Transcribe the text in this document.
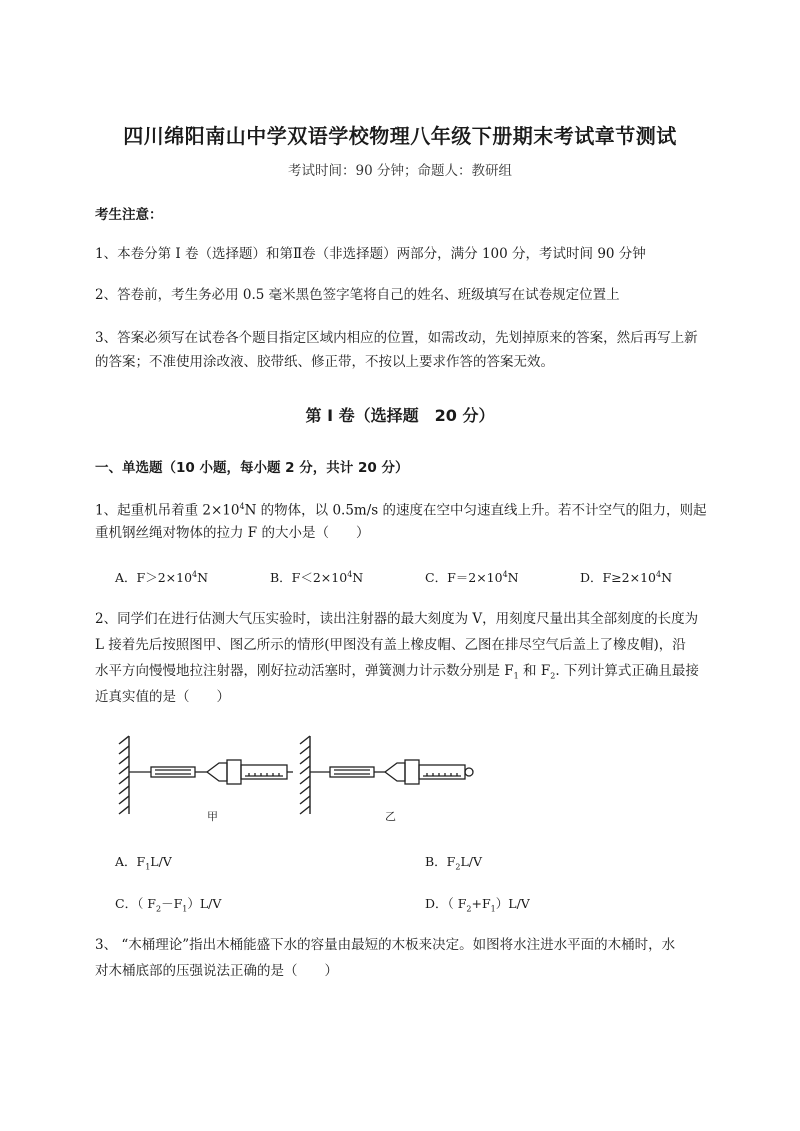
四川绵阳南山中学双语学校物理八年级下册期末考试章节测试
考试时间：90 分钟；命题人：教研组
考生注意：
1、本卷分第 I 卷（选择题）和第Ⅱ卷（非选择题）两部分，满分 100 分，考试时间 90 分钟
2、答卷前，考生务必用 0.5 毫米黑色签字笔将自己的姓名、班级填写在试卷规定位置上
3、答案必须写在试卷各个题目指定区域内相应的位置，如需改动，先划掉原来的答案，然后再写上新
的答案；不准使用涂改液、胶带纸、修正带，不按以上要求作答的答案无效。
第 I 卷（选择题　20 分）
一、单选题（10 小题，每小题 2 分，共计 20 分）
1、起重机吊着重 $2\times 10^4N$ 的物体，以 0.5m/s 的速度在空中匀速直线上升。若不计空气的阻力，则起
重机钢丝绳对物体的拉力 F 的大小是（　　）
A．$F>2\times 10^4N$	B．$F<2\times 10^4N$	C．$F=2\times 10^4N$	D．$F\ge 2\times 10^4N$
2、同学们在进行估测大气压实验时，读出注射器的最大刻度为 V，用刻度尺量出其全部刻度的长度为
L 接着先后按照图甲、图乙所示的情形(甲图没有盖上橡皮帽、乙图在排尽空气后盖上了橡皮帽)，沿
水平方向慢慢地拉注射器，刚好拉动活塞时，弹簧测力计示数分别是 $F_1$ 和 $F_2$. 下列计算式正确且最接
近真实值的是（　　）
甲	乙
A．$F_1L/V$	B．$F_2L/V$
C．（ $F_2-F_1)L/V$	D．（ $F_2+F_1)L/V$
3、 “木桶理论”指出木桶能盛下水的容量由最短的木板来决定。如图将水注进水平面的木桶时，水
对木桶底部的压强说法正确的是（　　）
